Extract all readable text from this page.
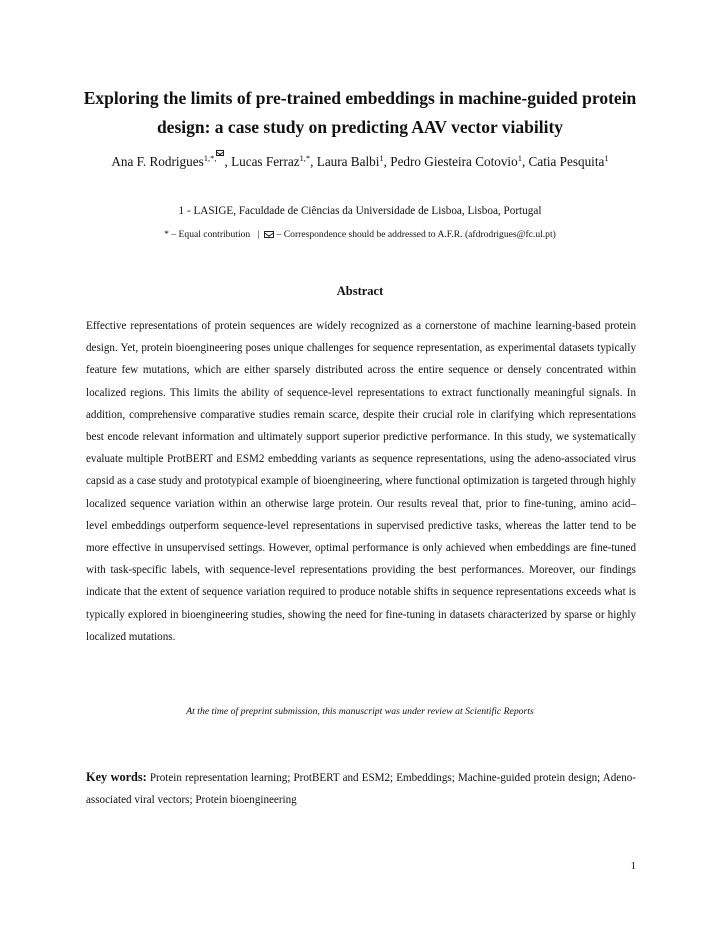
Exploring the limits of pre-trained embeddings in machine-guided protein design: a case study on predicting AAV vector viability
Ana F. Rodrigues$^{1,*,}$ , Lucas Ferraz$^{1,*}$, Laura Balbi$^1$, Pedro Giesteira Cotovio$^1$, Catia Pesquita$^1$
1 - LASIGE, Faculdade de Ciências da Universidade de Lisboa, Lisboa, Portugal
* – Equal contribution | – Correspondence should be addressed to A.F.R. (afdrodrigues@fc.ul.pt)
Abstract
Effective representations of protein sequences are widely recognized as a cornerstone of machine learning-based protein design. Yet, protein bioengineering poses unique challenges for sequence representation, as experimental datasets typically feature few mutations, which are either sparsely distributed across the entire sequence or densely concentrated within localized regions. This limits the ability of sequence-level representations to extract functionally meaningful signals. In addition, comprehensive comparative studies remain scarce, despite their crucial role in clarifying which representations best encode relevant information and ultimately support superior predictive performance. In this study, we systematically evaluate multiple ProtBERT and ESM2 embedding variants as sequence representations, using the adeno-associated virus capsid as a case study and prototypical example of bioengineering, where functional optimization is targeted through highly localized sequence variation within an otherwise large protein. Our results reveal that, prior to fine-tuning, amino acid–level embeddings outperform sequence-level representations in supervised predictive tasks, whereas the latter tend to be more effective in unsupervised settings. However, optimal performance is only achieved when embeddings are fine-tuned with task-specific labels, with sequence-level representations providing the best performances. Moreover, our findings indicate that the extent of sequence variation required to produce notable shifts in sequence representations exceeds what is typically explored in bioengineering studies, showing the need for fine-tuning in datasets characterized by sparse or highly localized mutations.
At the time of preprint submission, this manuscript was under review at Scientific Reports
Key words: Protein representation learning; ProtBERT and ESM2; Embeddings; Machine-guided protein design; Adeno-associated viral vectors; Protein bioengineering
1
